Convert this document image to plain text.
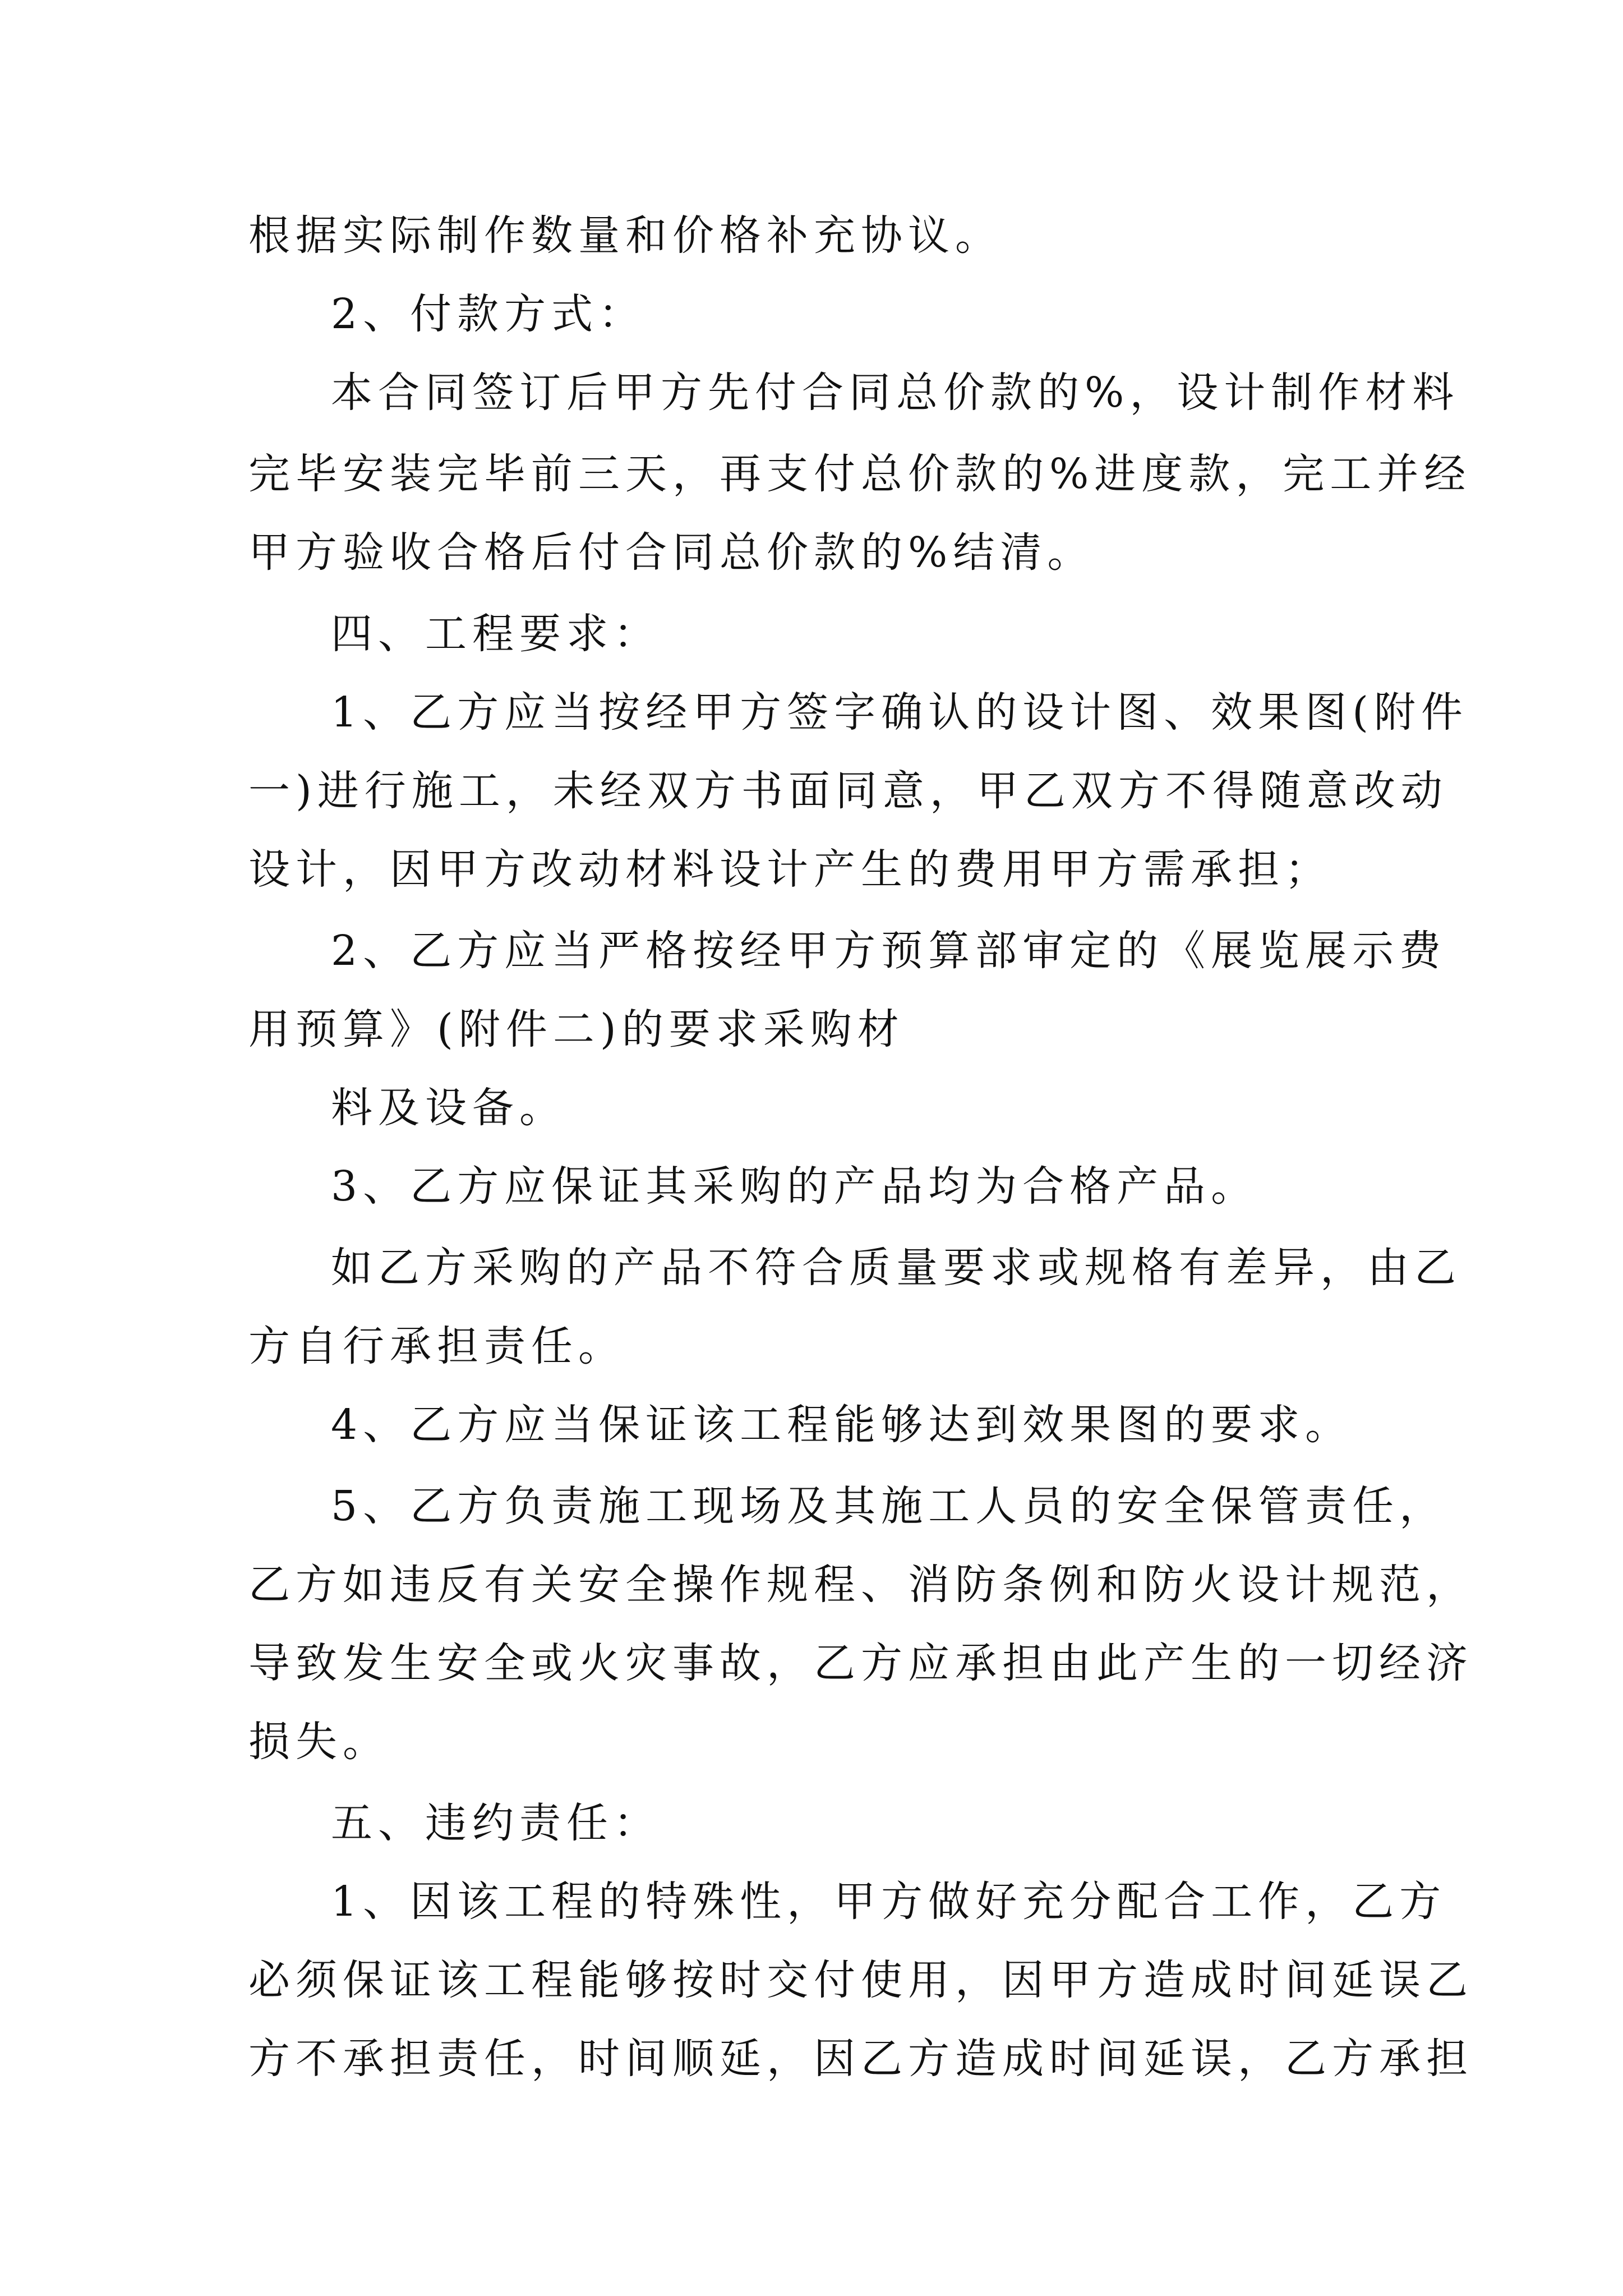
根据实际制作数量和价格补充协议。
2、付款方式：
本合同签订后甲方先付合同总价款的%，设计制作材料
完毕安装完毕前三天，再支付总价款的%进度款，完工并经
甲方验收合格后付合同总价款的%结清。
四、工程要求：
1、乙方应当按经甲方签字确认的设计图、效果图(附件
一)进行施工，未经双方书面同意，甲乙双方不得随意改动
设计，因甲方改动材料设计产生的费用甲方需承担；
2、乙方应当严格按经甲方预算部审定的《展览展示费
用预算》(附件二)的要求采购材
料及设备。
3、乙方应保证其采购的产品均为合格产品。
如乙方采购的产品不符合质量要求或规格有差异，由乙
方自行承担责任。
4、乙方应当保证该工程能够达到效果图的要求。
5、乙方负责施工现场及其施工人员的安全保管责任，
乙方如违反有关安全操作规程、消防条例和防火设计规范，
导致发生安全或火灾事故，乙方应承担由此产生的一切经济
损失。
五、违约责任：
1、因该工程的特殊性，甲方做好充分配合工作，乙方
必须保证该工程能够按时交付使用，因甲方造成时间延误乙
方不承担责任，时间顺延，因乙方造成时间延误，乙方承担
